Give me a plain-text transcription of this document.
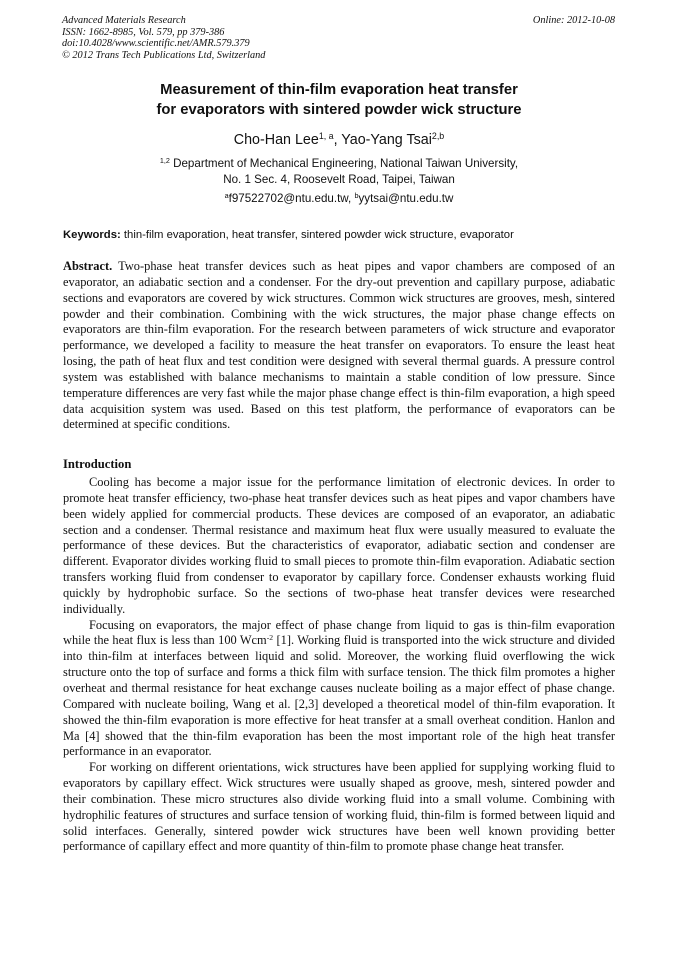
Advanced Materials Research
ISSN: 1662-8985, Vol. 579, pp 379-386
doi:10.4028/www.scientific.net/AMR.579.379
© 2012 Trans Tech Publications Ltd, Switzerland
Online: 2012-10-08
Measurement of thin-film evaporation heat transfer
for evaporators with sintered powder wick structure
Cho-Han Lee$^{1, a}$, Yao-Yang Tsai$^{2,b}$
$^{1,2}$ Department of Mechanical Engineering, National Taiwan University,
No. 1 Sec. 4, Roosevelt Road, Taipei, Taiwan
$^a$f97522702@ntu.edu.tw, $^b$yytsai@ntu.edu.tw
Keywords: thin-film evaporation, heat transfer, sintered powder wick structure, evaporator

Abstract. Two-phase heat transfer devices such as heat pipes and vapor chambers are composed of an evaporator, an adiabatic section and a condenser. For the dry-out prevention and capillary purpose, adiabatic sections and evaporators are covered by wick structures. Common wick structures are grooves, mesh, sintered powder and their combination. Combining with the wick structures, the major phase change effects on evaporators are thin-film evaporation. For the research between parameters of wick structure and evaporator performance, we developed a facility to measure the heat transfer on evaporators. To ensure the least heat losing, the path of heat flux and test condition were designed with several thermal guards. A pressure control system was established with balance mechanisms to maintain a stable condition of low pressure. Since temperature differences are very fast while the major phase change effect is thin-film evaporation, a high speed data acquisition system was used. Based on this test platform, the performance of evaporators can be determined at specific conditions.

Introduction

Cooling has become a major issue for the performance limitation of electronic devices. In order to promote heat transfer efficiency, two-phase heat transfer devices such as heat pipes and vapor chambers have been widely applied for commercial products. These devices are composed of an evaporator, an adiabatic section and a condenser. Thermal resistance and maximum heat flux were usually measured to evaluate the performance of these devices. But the characteristics of evaporator, adiabatic section and condenser are different. Evaporator divides working fluid to small pieces to promote thin-film evaporation. Adiabatic section transfers working fluid from condenser to evaporator by capillary force. Condenser exhausts working fluid quickly by hydrophobic surface. So the sections of two-phase heat transfer devices were researched individually.

Focusing on evaporators, the major effect of phase change from liquid to gas is thin-film evaporation while the heat flux is less than 100 Wcm$^{-2}$ [1]. Working fluid is transported into the wick structure and divided into thin-film at interfaces between liquid and solid. Moreover, the working fluid overflowing the wick structure onto the top of surface and forms a thick film with surface tension. The thick film promotes a higher overheat and thermal resistance for heat exchange causes nucleate boiling as a major effect of phase change. Compared with nucleate boiling, Wang et al. [2,3] developed a theoretical model of thin-film evaporation. It showed the thin-film evaporation is more effective for heat transfer at a small overheat condition. Hanlon and Ma [4] showed that the thin-film evaporation has been the most important role of the high heat transfer performance in an evaporator.

For working on different orientations, wick structures have been applied for supplying working fluid to evaporators by capillary effect. Wick structures were usually shaped as groove, mesh, sintered powder and their combination. These micro structures also divide working fluid into a small volume. Combining with hydrophilic features of structures and surface tension of working fluid, thin-film is formed between liquid and solid interfaces. Generally, sintered powder wick structures have been well known providing better performance of capillary effect and more quantity of thin-film to promote phase change heat transfer.
